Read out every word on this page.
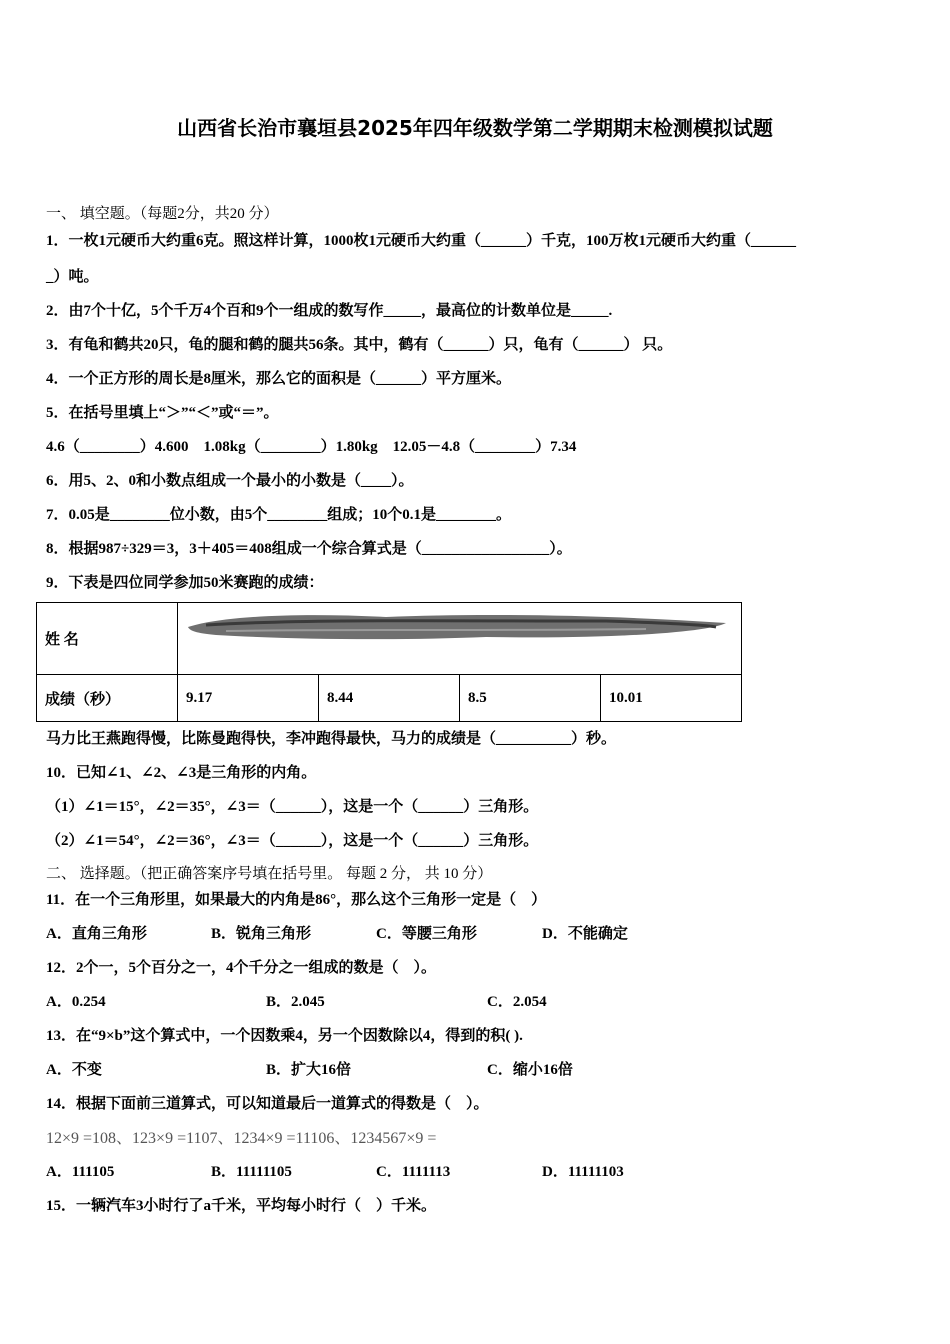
山西省长治市襄垣县2025年四年级数学第二学期期末检测模拟试题
一、 填空题。（每题2分，共20 分）
1．一枚1元硬币大约重6克。照这样计算，1000枚1元硬币大约重（______）千克，100万枚1元硬币大约重（______
_）吨。
2．由7个十亿，5个千万4个百和9个一组成的数写作_____，最高位的计数单位是_____.
3．有龟和鹤共20只，龟的腿和鹤的腿共56条。其中，鹤有（______）只，龟有（______） 只。
4．一个正方形的周长是8厘米，那么它的面积是（______）平方厘米。
5．在括号里填上“＞”“＜”或“＝”。
4.6（________）4.600　1.08kg（________）1.80kg　12.05－4.8（________）7.34
6．用5、2、0和小数点组成一个最小的小数是（____）。
7．0.05是________位小数，由5个________组成；10个0.1是________。
8．根据987÷329＝3，3＋405＝408组成一个综合算式是（_________________）。
9．下表是四位同学参加50米赛跑的成绩：
姓 名	

成绩（秒）	9.17	8.44	8.5	10.01
马力比王燕跑得慢，比陈曼跑得快，李冲跑得最快，马力的成绩是（__________）秒。
10．已知∠1、∠2、∠3是三角形的内角。
（1）∠1＝15°，∠2＝35°，∠3＝（______），这是一个（______）三角形。
（2）∠1＝54°，∠2＝36°，∠3＝（______），这是一个（______）三角形。
二、 选择题。（把正确答案序号填在括号里。 每题 2 分， 共 10 分）
11．在一个三角形里，如果最大的内角是86°，那么这个三角形一定是（　）
A．直角三角形	B．锐角三角形	C．等腰三角形	D．不能确定
12．2个一，5个百分之一，4个千分之一组成的数是（　）。
A．0.254	B．2.045	C．2.054
13．在“9×b”这个算式中，一个因数乘4，另一个因数除以4，得到的积( ).
A．不变	B．扩大16倍	C．缩小16倍
14．根据下面前三道算式，可以知道最后一道算式的得数是（　）。
12×9 =108、123×9 =1107、1234×9 =11106、1234567×9 =
A．111105	B．11111105	C．1111113	D．11111103
15．一辆汽车3小时行了a千米，平均每小时行（　）千米。
